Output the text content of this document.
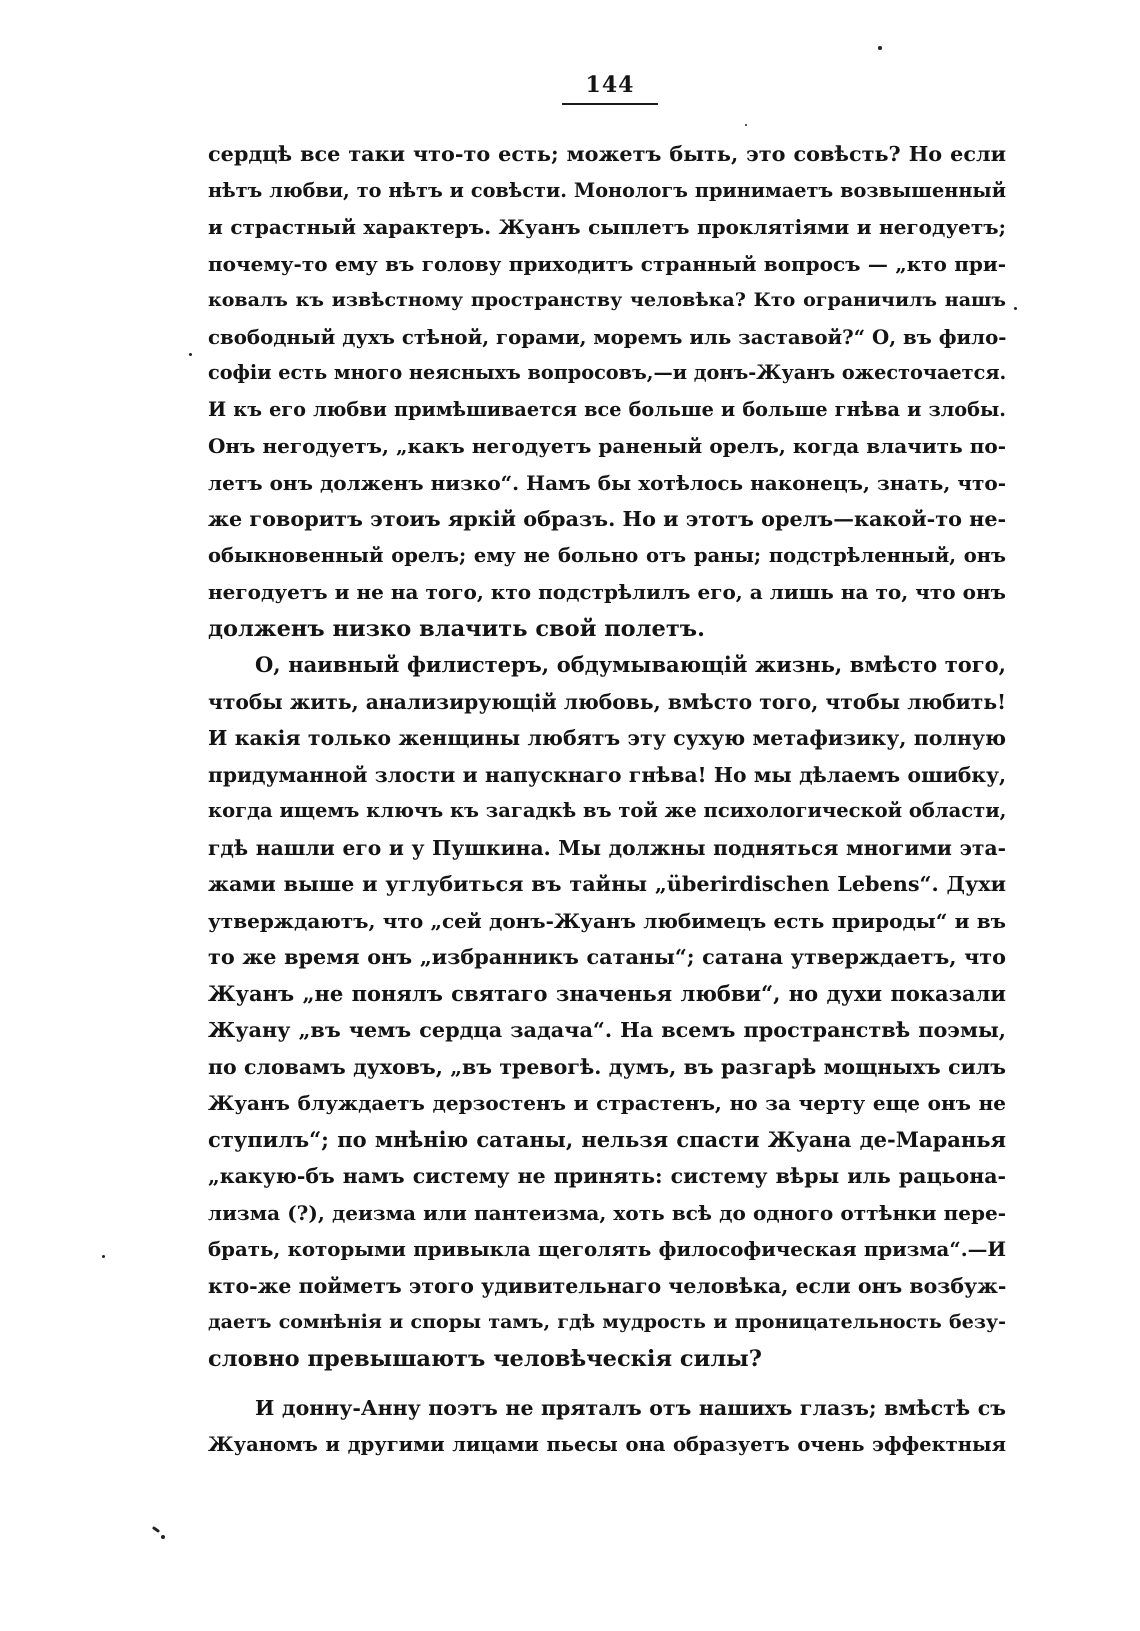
144
сердцѣ все таки что-то есть; можетъ быть, это совѣсть? Но если
нѣтъ любви, то нѣтъ и совѣсти. Монологъ принимаетъ возвышенный
и страстный характеръ. Жуанъ сыплетъ проклятіями и негодуетъ;
почему-то ему въ голову приходитъ странный вопросъ — „кто при-
ковалъ къ извѣстному пространству человѣка? Кто ограничилъ нашъ
свободный духъ стѣной, горами, моремъ иль заставой?“ О, въ фило-
софіи есть много неясныхъ вопросовъ,—и донъ-Жуанъ ожесточается.
И къ его любви примѣшивается все больше и больше гнѣва и злобы.
Онъ негодуетъ, „какъ негодуетъ раненый орелъ, когда влачить по-
летъ онъ долженъ низко“. Намъ бы хотѣлось наконецъ, знать, что-
же говоритъ этоиъ яркій образъ. Но и этотъ орелъ—какой-то не-
обыкновенный орелъ; ему не больно отъ раны; подстрѣленный, онъ
негодуетъ и не на того, кто подстрѣлилъ его, а лишь на то, что онъ
долженъ низко влачить свой полетъ.
О, наивный филистеръ, обдумывающій жизнь, вмѣсто того,
чтобы жить, анализирующій любовь, вмѣсто того, чтобы любить!
И какія только женщины любятъ эту сухую метафизику, полную
придуманной злости и напускнаго гнѣва! Но мы дѣлаемъ ошибку,
когда ищемъ ключъ къ загадкѣ въ той же психологической области,
гдѣ нашли его и у Пушкина. Мы должны подняться многими эта-
жами выше и углубиться въ тайны „überirdischen Lebens“. Духи
утверждаютъ, что „сей донъ-Жуанъ любимецъ есть природы“ и въ
то же время онъ „избранникъ сатаны“; сатана утверждаетъ, что
Жуанъ „не понялъ святаго значенья любви“, но духи показали
Жуану „въ чемъ сердца задача“. На всемъ пространствѣ поэмы,
по словамъ духовъ, „въ тревогѣ. думъ, въ разгарѣ мощныхъ силъ
Жуанъ блуждаетъ дерзостенъ и страстенъ, но за черту еще онъ не
ступилъ“; по мнѣнію сатаны, нельзя спасти Жуана де-Маранья
„какую-бъ намъ систему не принять: систему вѣры иль рацьона-
лизма (?), деизма или пантеизма, хоть всѣ до одного оттѣнки пере-
брать, которыми привыкла щеголять философическая призма“.—И
кто-же пойметъ этого удивительнаго человѣка, если онъ возбуж-
даетъ сомнѣнія и споры тамъ, гдѣ мудрость и проницательность безу-
словно превышаютъ человѣческія силы?
И донну-Анну поэтъ не пряталъ отъ нашихъ глазъ; вмѣстѣ съ
Жуаномъ и другими лицами пьесы она образуетъ очень эффектныя
